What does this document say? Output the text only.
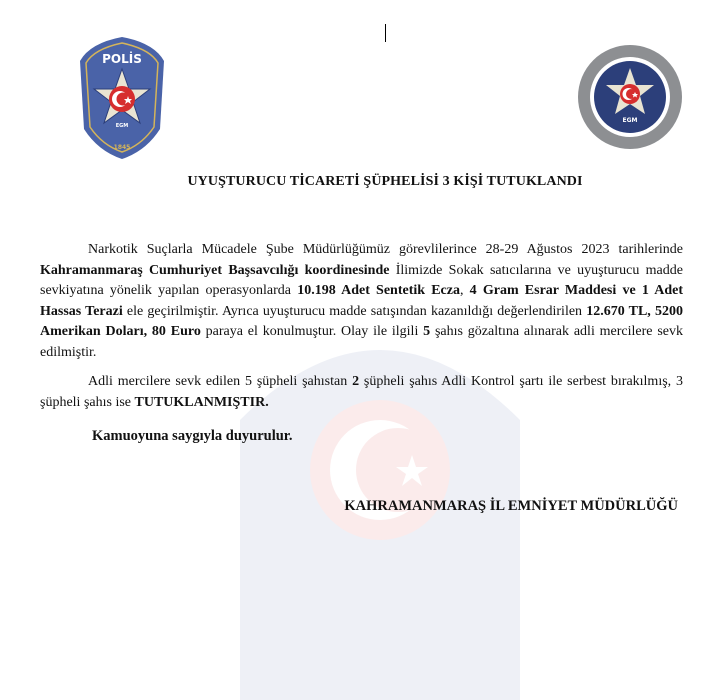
POLİS
EGM
1845
EGM
UYUŞTURUCU TİCARETİ ŞÜPHELİSİ 3 KİŞİ TUTUKLANDI

Narkotik Suçlarla Mücadele Şube Müdürlüğümüz görevlilerince 28-29 Ağustos 2023 tarihlerinde Kahramanmaraş Cumhuriyet Başsavcılığı koordinesinde İlimizde Sokak satıcılarına ve uyuşturucu madde sevkiyatına yönelik yapılan operasyonlarda 10.198 Adet Sentetik Ecza, 4 Gram Esrar Maddesi ve 1 Adet Hassas Terazi ele geçirilmiştir. Ayrıca uyuşturucu madde satışından kazanıldığı değerlendirilen 12.670 TL, 5200 Amerikan Doları, 80 Euro paraya el konulmuştur. Olay ile ilgili 5 şahıs gözaltına alınarak adli mercilere sevk edilmiştir.

Adli mercilere sevk edilen 5 şüpheli şahıstan 2 şüpheli şahıs Adli Kontrol şartı ile serbest bırakılmış, 3 şüpheli şahıs ise TUTUKLANMIŞTIR.

Kamuoyuna saygıyla duyurulur.
KAHRAMANMARAŞ İL EMNİYET MÜDÜRLÜĞÜ
